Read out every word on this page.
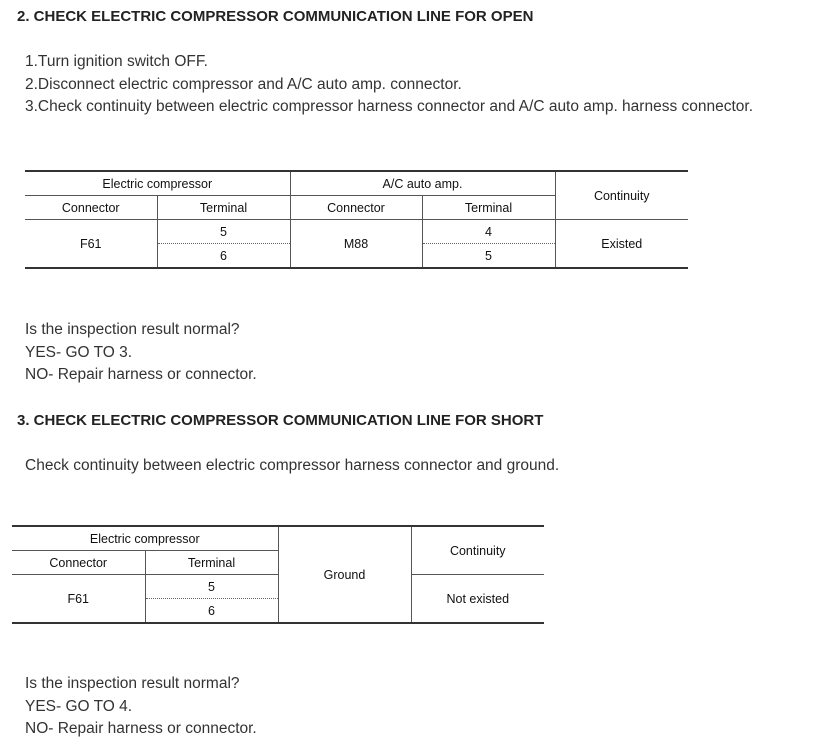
2. CHECK ELECTRIC COMPRESSOR COMMUNICATION LINE FOR OPEN
1.Turn ignition switch OFF.
2.Disconnect electric compressor and A/C auto amp. connector.
3.Check continuity between electric compressor harness connector and A/C auto amp. harness connector.
Electric compressor		A/C auto amp.		Continuity
Connector	Terminal	Connector	Terminal	
F61	5	M88	4	Existed
	6		5	
Is the inspection result normal?
YES- GO TO 3.
NO- Repair harness or connector.
3. CHECK ELECTRIC COMPRESSOR COMMUNICATION LINE FOR SHORT
Check continuity between electric compressor harness connector and ground.
Electric compressor		Ground	Continuity
Connector	Terminal		
F61	5		Not existed
	6		
Is the inspection result normal?
YES- GO TO 4.
NO- Repair harness or connector.
